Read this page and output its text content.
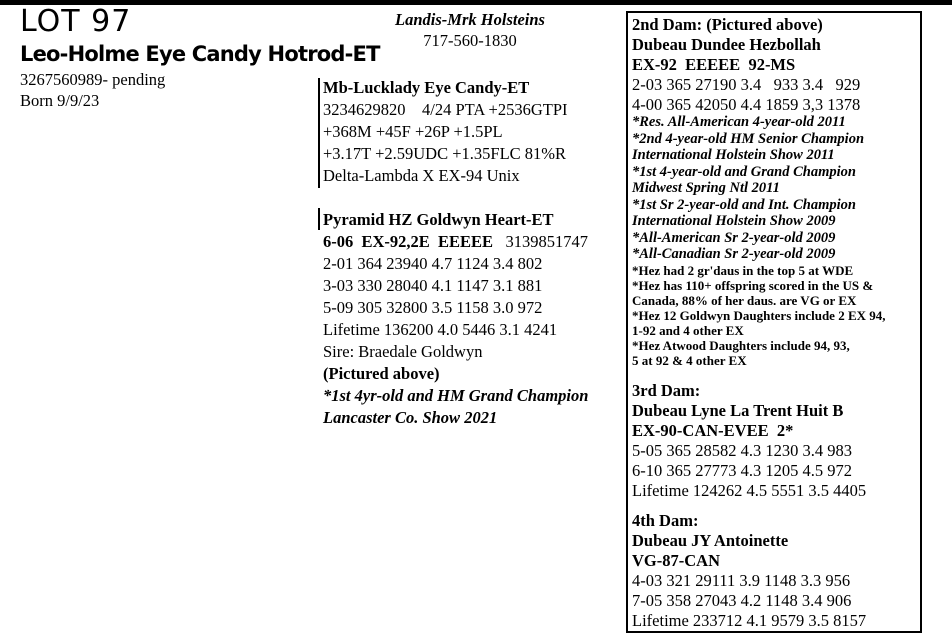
LOT 97
Leo-Holme Eye Candy Hotrod-ET
3267560989- pending
Born 9/9/23
Landis-Mrk Holsteins
717-560-1830
Mb-Lucklady Eye Candy-ET
3234629820    4/24 PTA +2536GTPI
+368M +45F +26P +1.5PL
+3.17T +2.59UDC +1.35FLC 81%R
Delta-Lambda X EX-94 Unix
Pyramid HZ Goldwyn Heart-ET
6-06  EX-92,2E  EEEEE 3139851747
2-01 364 23940 4.7 1124 3.4 802
3-03 330 28040 4.1 1147 3.1 881
5-09 305 32800 3.5 1158 3.0 972
Lifetime 136200 4.0 5446 3.1 4241
Sire: Braedale Goldwyn
(Pictured above)
*1st 4yr-old and HM Grand Champion
Lancaster Co. Show 2021
2nd Dam: (Pictured above)
Dubeau Dundee Hezbollah
EX-92  EEEEE  92-MS
2-03 365 27190 3.4   933 3.4   929
4-00 365 42050 4.4 1859 3,3 1378
*Res. All-American 4-year-old 2011
*2nd 4-year-old HM Senior Champion
International Holstein Show 2011
*1st 4-year-old and Grand Champion
Midwest Spring Ntl 2011
*1st Sr 2-year-old and Int. Champion
International Holstein Show 2009
*All-American Sr 2-year-old 2009
*All-Canadian Sr 2-year-old 2009
*Hez had 2 gr'daus in the top 5 at WDE
*Hez has 110+ offspring scored in the US &
Canada, 88% of her daus. are VG or EX
*Hez 12 Goldwyn Daughters include 2 EX 94,
1-92 and 4 other EX
*Hez Atwood Daughters include 94, 93,
5 at 92 & 4 other EX
3rd Dam:
Dubeau Lyne La Trent Huit B
EX-90-CAN-EVEE  2*
5-05 365 28582 4.3 1230 3.4 983
6-10 365 27773 4.3 1205 4.5 972
Lifetime 124262 4.5 5551 3.5 4405
4th Dam:
Dubeau JY Antoinette
VG-87-CAN
4-03 321 29111 3.9 1148 3.3 956
7-05 358 27043 4.2 1148 3.4 906
Lifetime 233712 4.1 9579 3.5 8157
